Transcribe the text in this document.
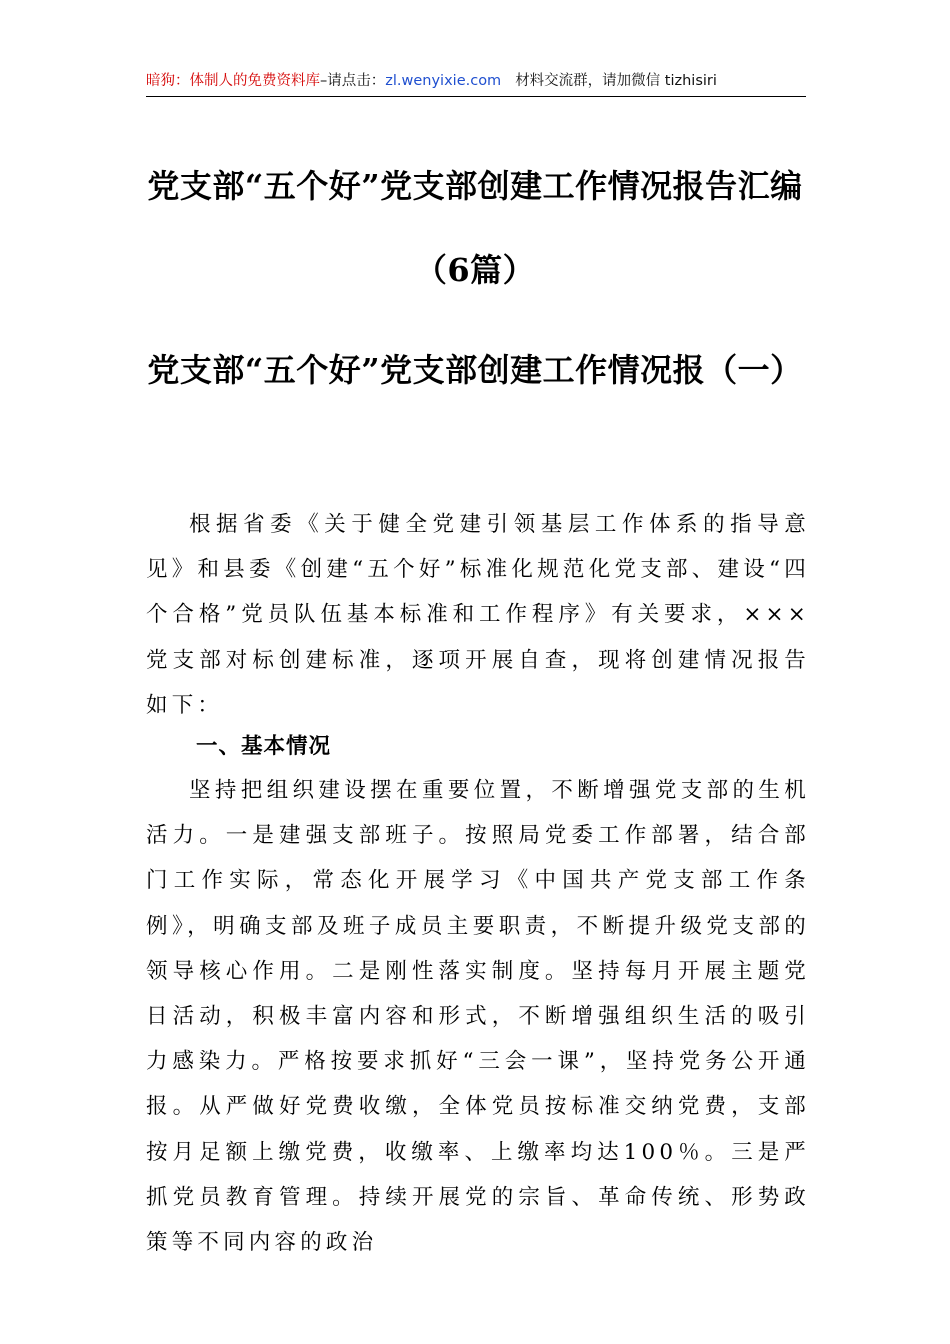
暗狗：体制人的免费资料库–请点击：zl.wenyixie.com 材料交流群，请加微信 tizhisiri
党支部“五个好”党支部创建工作情况报告汇编（6篇）
党支部“五个好”党支部创建工作情况报（一）
根据省委《关于健全党建引领基层工作体系的指导意见》和县委《创建“五个好”标准化规范化党支部、建设“四个合格”党员队伍基本标准和工作程序》有关要求，×××党支部对标创建标准，逐项开展自查，现将创建情况报告如下：
一、基本情况
坚持把组织建设摆在重要位置，不断增强党支部的生机活力。一是建强支部班子。按照局党委工作部署，结合部门工作实际，常态化开展学习《中国共产党支部工作条例》，明确支部及班子成员主要职责，不断提升级党支部的领导核心作用。二是刚性落实制度。坚持每月开展主题党日活动，积极丰富内容和形式，不断增强组织生活的吸引力感染力。严格按要求抓好“三会一课”，坚持党务公开通报。从严做好党费收缴，全体党员按标准交纳党费，支部按月足额上缴党费，收缴率、上缴率均达100％。三是严抓党员教育管理。持续开展党的宗旨、革命传统、形势政策等不同内容的政治
